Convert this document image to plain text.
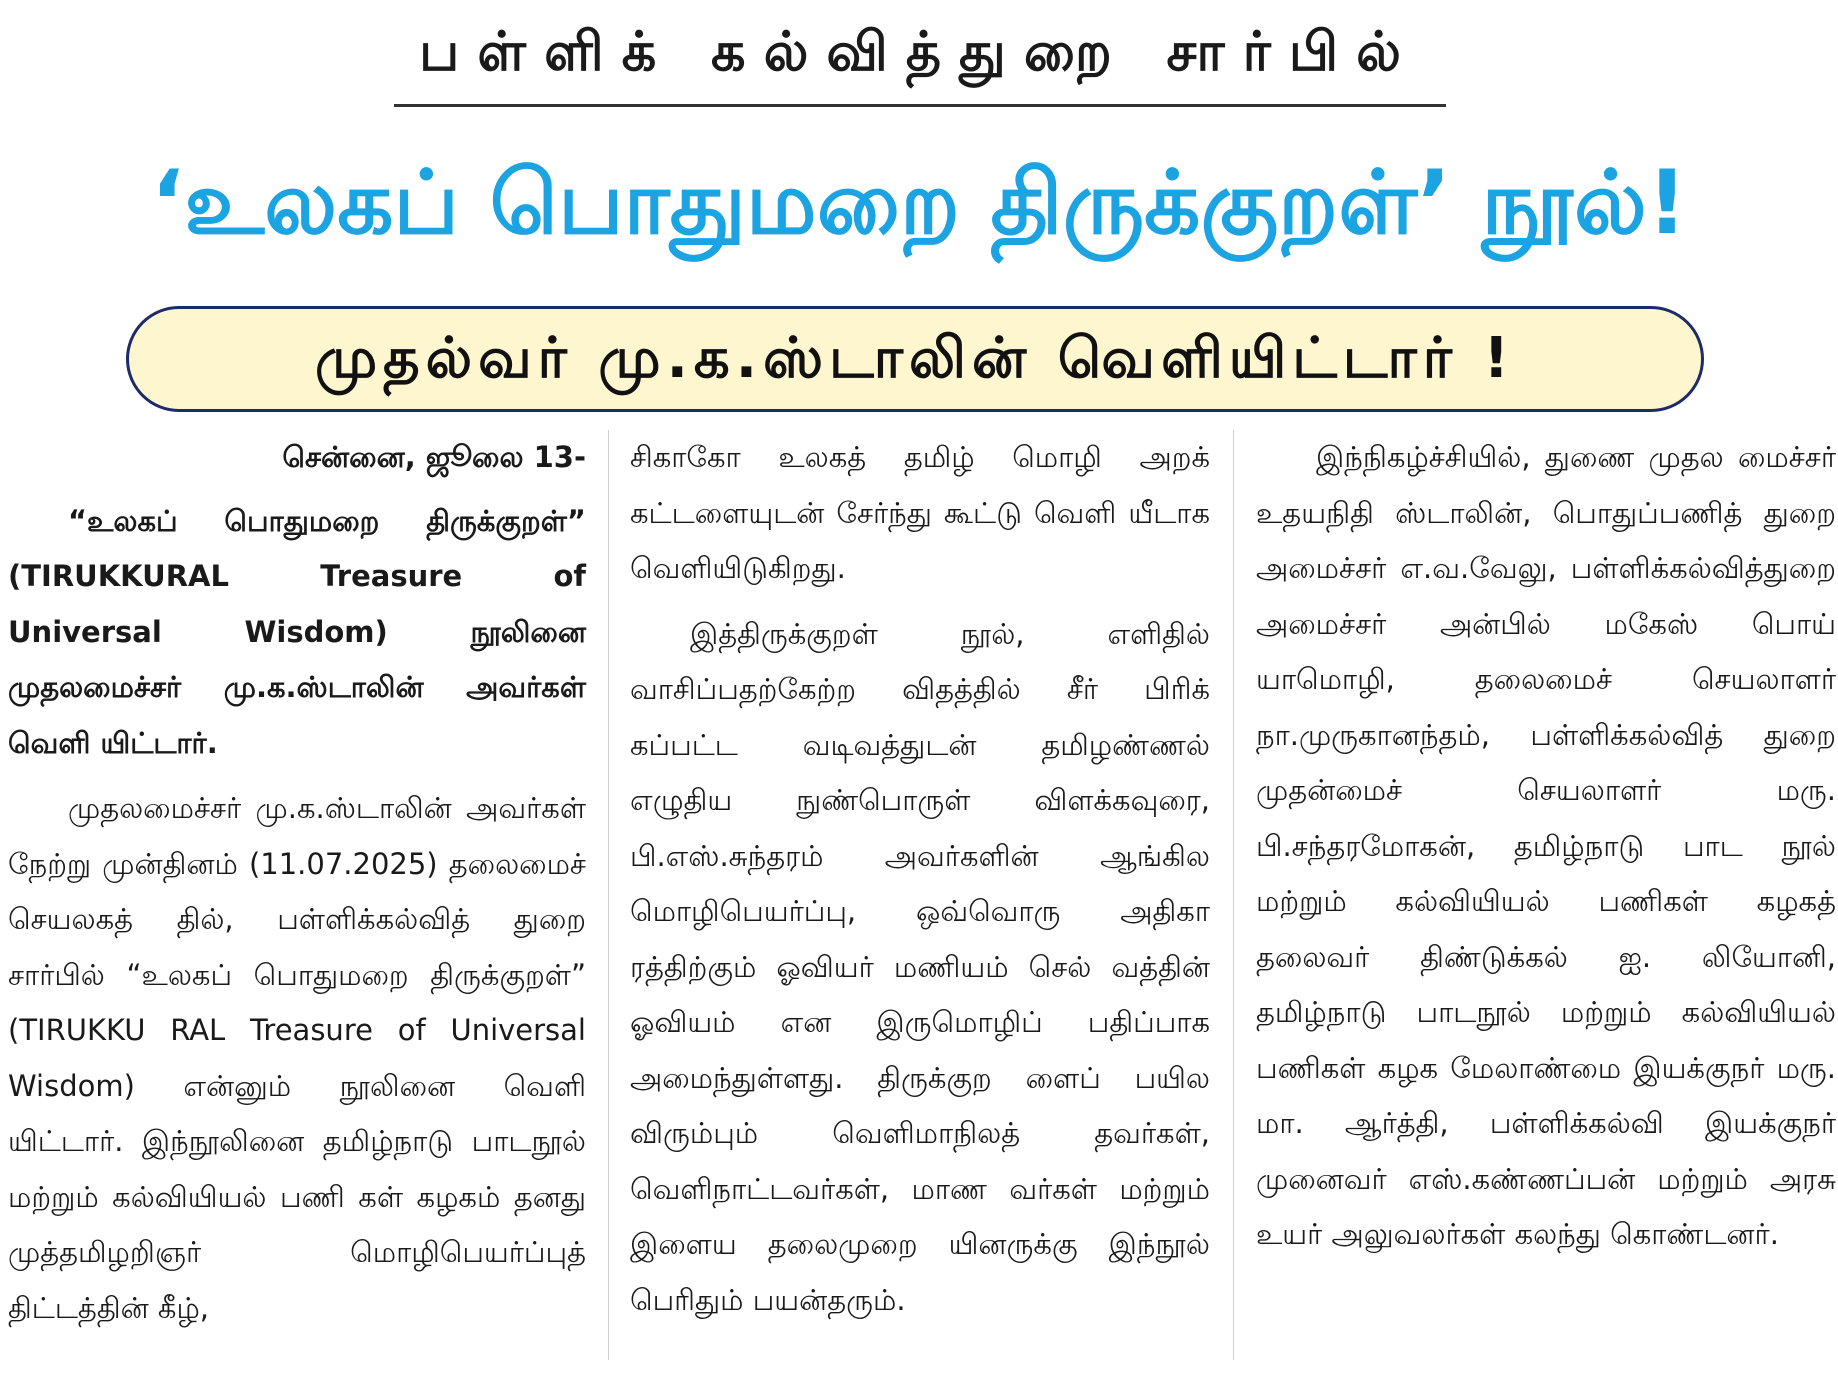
பள்ளிக் கல்வித்துறை சார்பில்
‘உலகப் பொதுமறை திருக்குறள்’ நூல்!
முதல்வர் மு.க.ஸ்டாலின் வெளியிட்டார் !

சென்னை, ஜூலை 13-

“உலகப் பொதுமறை திருக்குறள்” (TIRUKKURAL Treasure of Universal Wisdom) நூலினை முதலமைச்சர் மு.க.ஸ்டாலின் அவர்கள் வெளி யிட்டார்.

முதலமைச்சர் மு.க.ஸ்டாலின் அவர்கள் நேற்று முன்தினம் (11.07.2025) தலைமைச் செயலகத் தில், பள்ளிக்கல்வித் துறை சார்பில் “உலகப் பொதுமறை திருக்குறள்” (TIRUKKU RAL Treasure of Universal Wisdom) என்னும் நூலினை வெளி யிட்டார். இந்நூலினை தமிழ்நாடு பாடநூல் மற்றும் கல்வியியல் பணி கள் கழகம் தனது முத்தமிழறிஞர் மொழிபெயர்ப்புத் திட்டத்தின் கீழ்,

சிகாகோ உலகத் தமிழ் மொழி அறக் கட்டளையுடன் சேர்ந்து கூட்டு வெளி யீடாக வெளியிடுகிறது.

இத்திருக்குறள் நூல், எளிதில் வாசிப்பதற்கேற்ற விதத்தில் சீர் பிரிக் கப்பட்ட வடிவத்துடன் தமிழண்ணல் எழுதிய நுண்பொருள் விளக்கவுரை, பி.எஸ்.சுந்தரம் அவர்களின் ஆங்கில மொழிபெயர்ப்பு, ஒவ்வொரு அதிகா ரத்திற்கும் ஓவியர் மணியம் செல் வத்தின் ஓவியம் என இருமொழிப் பதிப்பாக அமைந்துள்ளது. திருக்குற ளைப் பயில விரும்பும் வெளிமாநிலத் தவர்கள், வெளிநாட்டவர்கள், மாண வர்கள் மற்றும் இளைய தலைமுறை யினருக்கு இந்நூல் பெரிதும் பயன்தரும்.

இந்நிகழ்ச்சியில், துணை முதல மைச்சர் உதயநிதி ஸ்டாலின், பொதுப்பணித் துறை அமைச்சர் எ.வ.வேலு, பள்ளிக்கல்வித்துறை அமைச்சர் அன்பில் மகேஸ் பொய் யாமொழி, தலைமைச் செயலாளர் நா.முருகானந்தம், பள்ளிக்கல்வித் துறை முதன்மைச் செயலாளர் மரு. பி.சந்தரமோகன், தமிழ்நாடு பாட நூல் மற்றும் கல்வியியல் பணிகள் கழகத் தலைவர் திண்டுக்கல் ஐ. லியோனி, தமிழ்நாடு பாடநூல் மற்றும் கல்வியியல் பணிகள் கழக மேலாண்மை இயக்குநர் மரு. மா. ஆர்த்தி, பள்ளிக்கல்வி இயக்குநர் முனைவர் எஸ்.கண்ணப்பன் மற்றும் அரசு உயர் அலுவலர்கள் கலந்து கொண்டனர்.
